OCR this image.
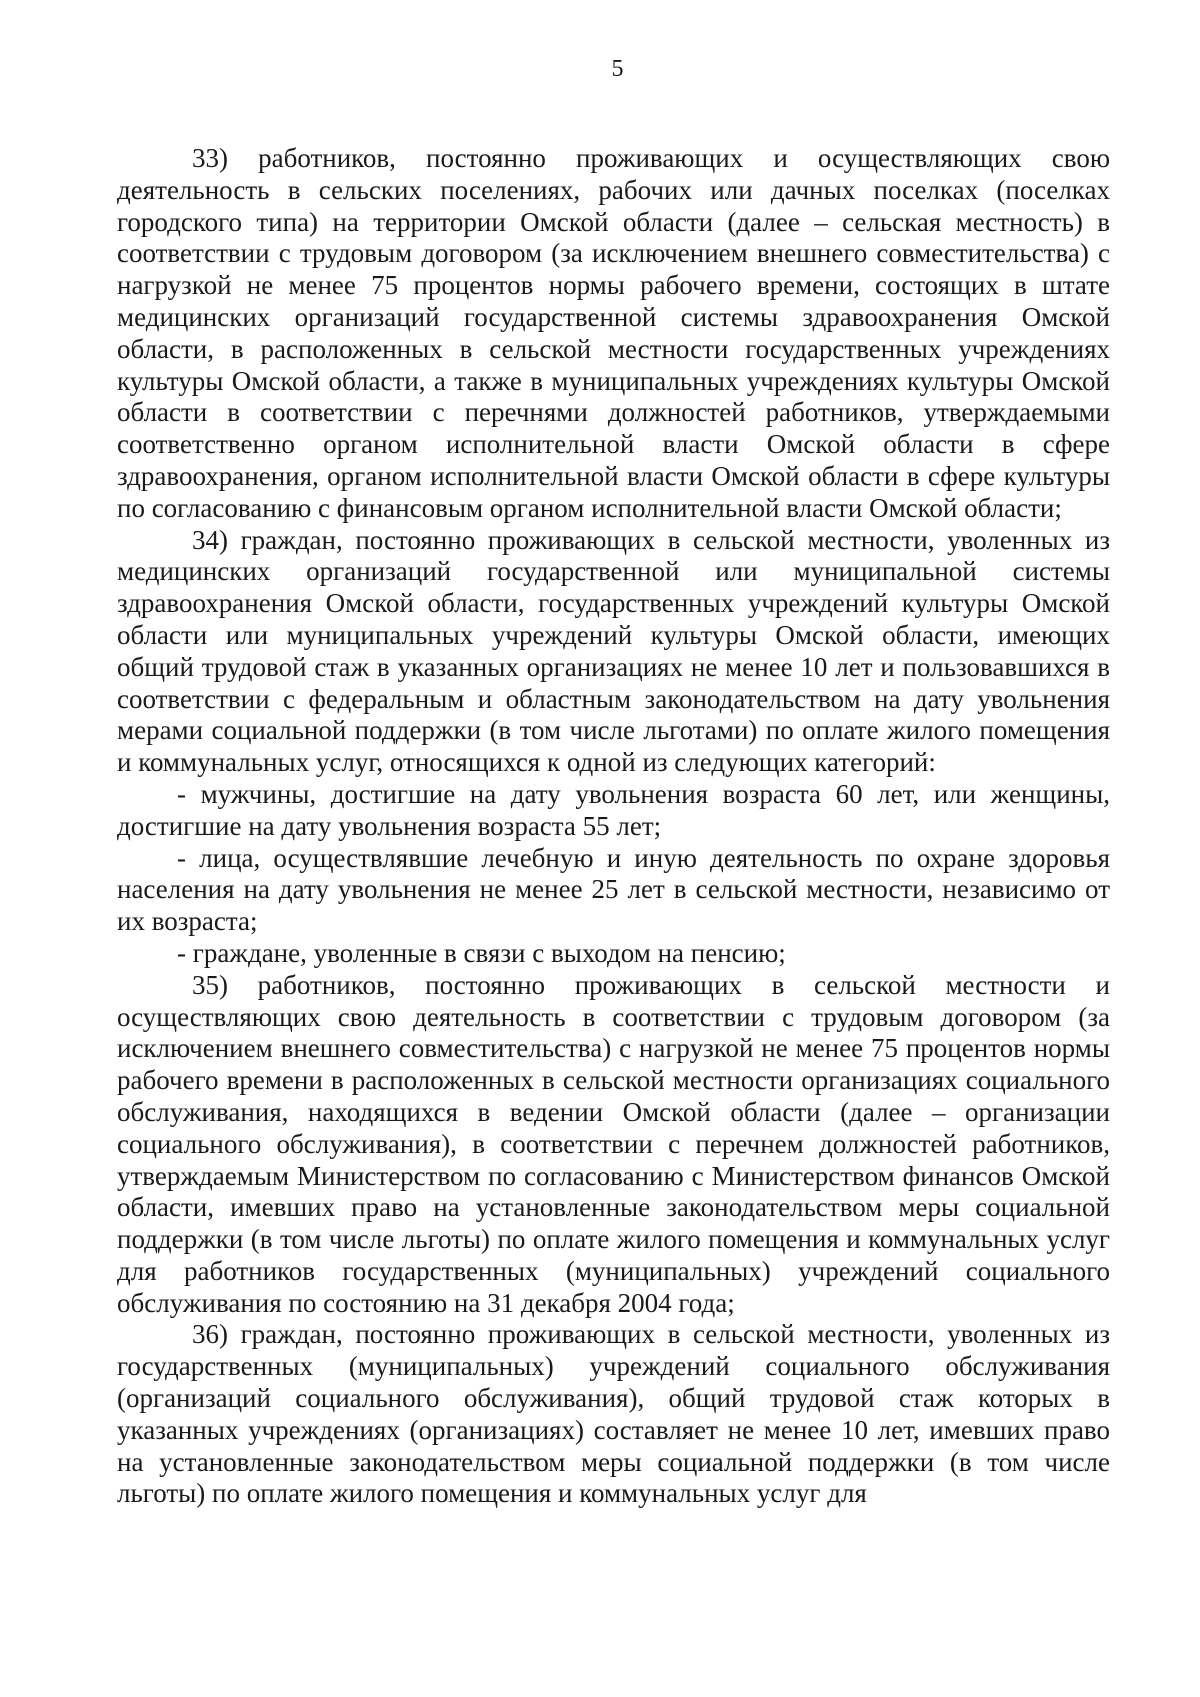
5

33) работников, постоянно проживающих и осуществляющих свою деятельность в сельских поселениях, рабочих или дачных поселках (поселках городского типа) на территории Омской области (далее – сельская местность) в соответствии с трудовым договором (за исключением внешнего совместительства) с нагрузкой не менее 75 процентов нормы рабочего времени, состоящих в штате медицинских организаций государственной системы здравоохранения Омской области, в расположенных в сельской местности государственных учреждениях культуры Омской области, а также в муниципальных учреждениях культуры Омской области в соответствии с перечнями должностей работников, утверждаемыми соответственно органом исполнительной власти Омской области в сфере здравоохранения, органом исполнительной власти Омской области в сфере культуры по согласованию с финансовым органом исполнительной власти Омской области;

34) граждан, постоянно проживающих в сельской местности, уволенных из медицинских организаций государственной или муниципальной системы здравоохранения Омской области, государственных учреждений культуры Омской области или муниципальных учреждений культуры Омской области, имеющих общий трудовой стаж в указанных организациях не менее 10 лет и пользовавшихся в соответствии с федеральным и областным законодательством на дату увольнения мерами социальной поддержки (в том числе льготами) по оплате жилого помещения и коммунальных услуг, относящихся к одной из следующих категорий:

- мужчины, достигшие на дату увольнения возраста 60 лет, или женщины, достигшие на дату увольнения возраста 55 лет;

- лица, осуществлявшие лечебную и иную деятельность по охране здоровья населения на дату увольнения не менее 25 лет в сельской местности, независимо от их возраста;

- граждане, уволенные в связи с выходом на пенсию;

35) работников, постоянно проживающих в сельской местности и осуществляющих свою деятельность в соответствии с трудовым договором (за исключением внешнего совместительства) с нагрузкой не менее 75 процентов нормы рабочего времени в расположенных в сельской местности организациях социального обслуживания, находящихся в ведении Омской области (далее – организации социального обслуживания), в соответствии с перечнем должностей работников, утверждаемым Министерством по согласованию с Министерством финансов Омской области, имевших право на установленные законодательством меры социальной поддержки (в том числе льготы) по оплате жилого помещения и коммунальных услуг для работников государственных (муниципальных) учреждений социального обслуживания по состоянию на 31 декабря 2004 года;

36) граждан, постоянно проживающих в сельской местности, уволенных из государственных (муниципальных) учреждений социального обслуживания (организаций социального обслуживания), общий трудовой стаж которых в указанных учреждениях (организациях) составляет не менее 10 лет, имевших право на установленные законодательством меры социальной поддержки (в том числе льготы) по оплате жилого помещения и коммунальных услуг для
